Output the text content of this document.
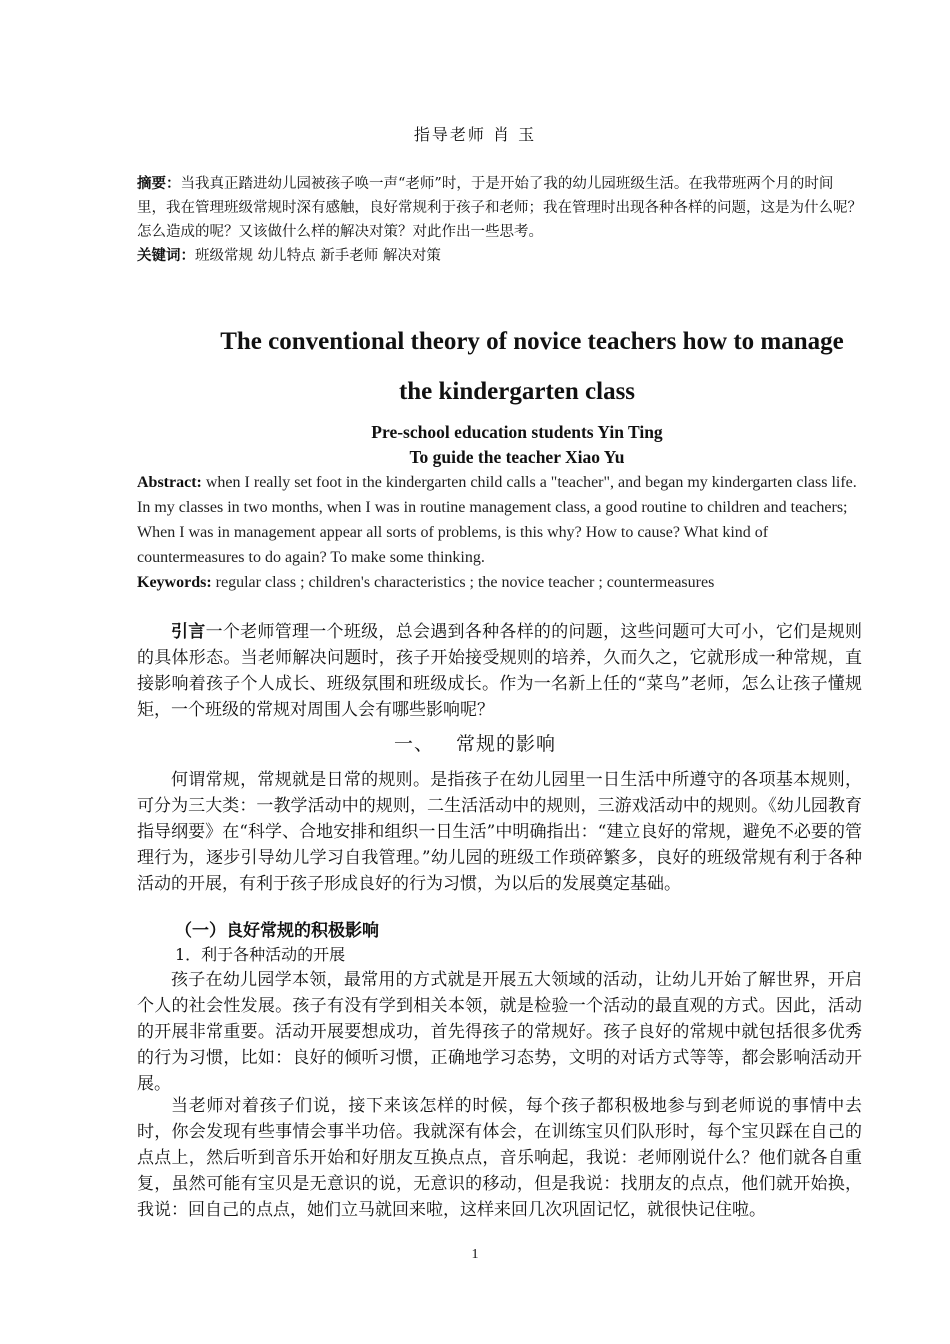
指导老师 肖 玉

摘要：当我真正踏进幼儿园被孩子唤一声“老师”时，于是开始了我的幼儿园班级生活。在我带班两个月的时间里，我在管理班级常规时深有感触，良好常规利于孩子和老师；我在管理时出现各种各样的问题，这是为什么呢？怎么造成的呢？又该做什么样的解决对策？对此作出一些思考。

关键词：班级常规 幼儿特点 新手老师 解决对策

The conventional theory of novice teachers how to manage
the kindergarten class
Pre-school education students Yin Ting
To guide the teacher Xiao Yu

Abstract: when I really set foot in the kindergarten child calls a "teacher", and began my kindergarten class life. In my classes in two months, when I was in routine management class, a good routine to children and teachers; When I was in management appear all sorts of problems, is this why? How to cause? What kind of countermeasures to do again? To make some thinking.

Keywords: regular class ; children's characteristics ; the novice teacher ; countermeasures

引言一个老师管理一个班级，总会遇到各种各样的的问题，这些问题可大可小，它们是规则的具体形态。当老师解决问题时，孩子开始接受规则的培养，久而久之，它就形成一种常规，直接影响着孩子个人成长、班级氛围和班级成长。作为一名新上任的“菜鸟”老师，怎么让孩子懂规矩，一个班级的常规对周围人会有哪些影响呢？

一、 常规的影响

何谓常规，常规就是日常的规则。是指孩子在幼儿园里一日生活中所遵守的各项基本规则，可分为三大类：一教学活动中的规则，二生活活动中的规则，三游戏活动中的规则。《幼儿园教育指导纲要》在“科学、合地安排和组织一日生活”中明确指出：“建立良好的常规，避免不必要的管理行为，逐步引导幼儿学习自我管理。”幼儿园的班级工作琐碎繁多，良好的班级常规有利于各种活动的开展，有利于孩子形成良好的行为习惯，为以后的发展奠定基础。

（一）良好常规的积极影响
1．利于各种活动的开展

孩子在幼儿园学本领，最常用的方式就是开展五大领域的活动，让幼儿开始了解世界，开启个人的社会性发展。孩子有没有学到相关本领，就是检验一个活动的最直观的方式。因此，活动的开展非常重要。活动开展要想成功，首先得孩子的常规好。孩子良好的常规中就包括很多优秀的行为习惯，比如：良好的倾听习惯，正确地学习态势，文明的对话方式等等，都会影响活动开展。

当老师对着孩子们说，接下来该怎样的时候，每个孩子都积极地参与到老师说的事情中去时，你会发现有些事情会事半功倍。我就深有体会，在训练宝贝们队形时，每个宝贝踩在自己的点点上，然后听到音乐开始和好朋友互换点点，音乐响起，我说：老师刚说什么？他们就各自重复，虽然可能有宝贝是无意识的说，无意识的移动，但是我说：找朋友的点点，他们就开始换，我说：回自己的点点，她们立马就回来啦，这样来回几次巩固记忆，就很快记住啦。

1
